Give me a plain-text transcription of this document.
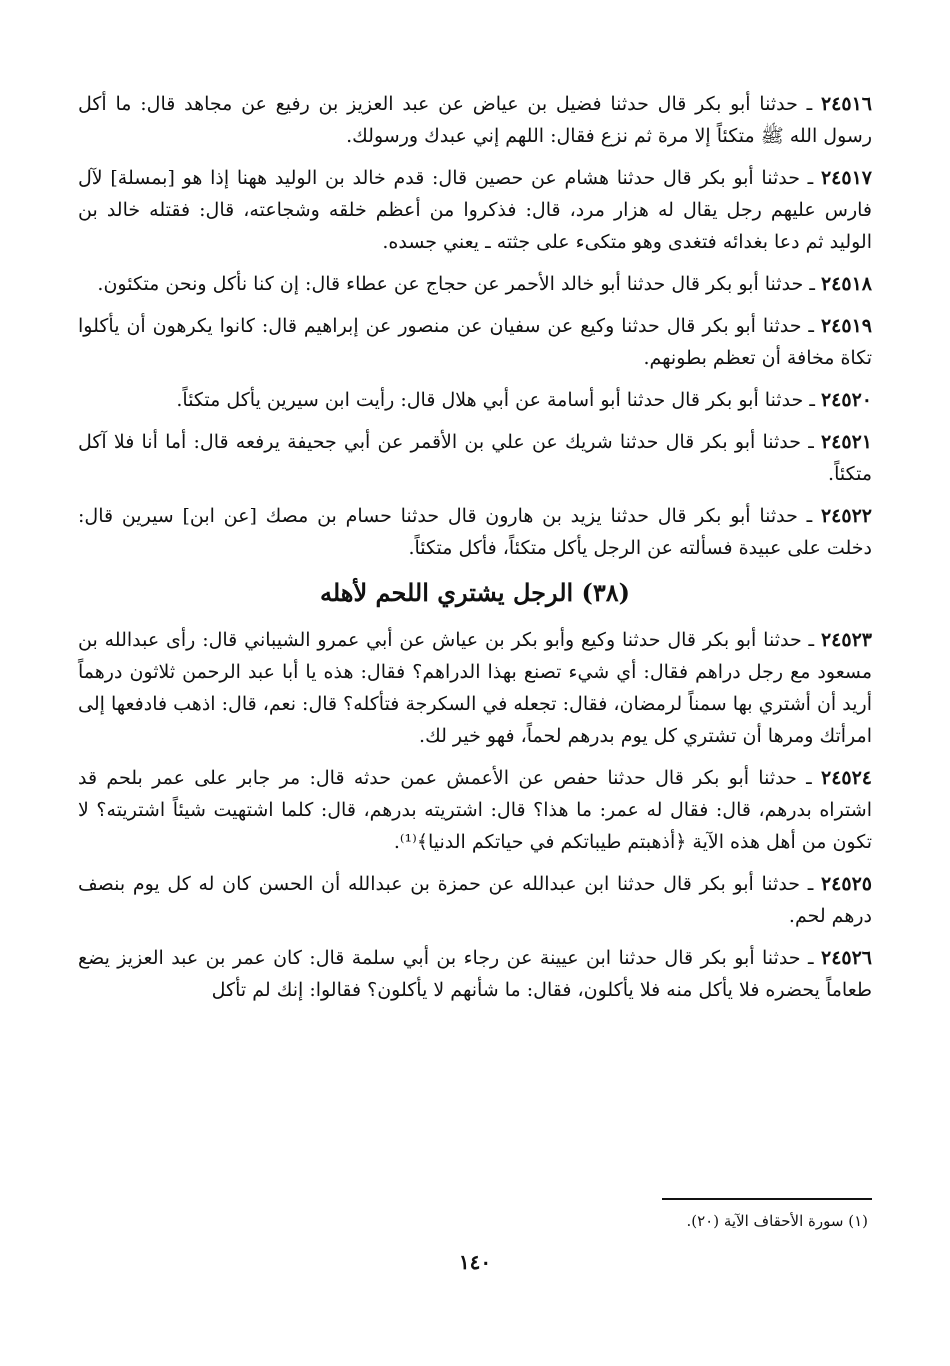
٢٤٥١٦ ـ حدثنا أبو بكر قال حدثنا فضيل بن عياض عن عبد العزيز بن رفيع عن مجاهد قال: ما أكل رسول الله ﷺ متكئاً إلا مرة ثم نزع فقال: اللهم إني عبدك ورسولك.

٢٤٥١٧ ـ حدثنا أبو بكر قال حدثنا هشام عن حصين قال: قدم خالد بن الوليد ههنا إذا هو [بمسلة] لآل فارس عليهم رجل يقال له هزار مرد، قال: فذكروا من أعظم خلقه وشجاعته، قال: فقتله خالد بن الوليد ثم دعا بغدائه فتغدى وهو متكىء على جثته ـ يعني جسده.

٢٤٥١٨ ـ حدثنا أبو بكر قال حدثنا أبو خالد الأحمر عن حجاج عن عطاء قال: إن كنا نأكل ونحن متكئون.

٢٤٥١٩ ـ حدثنا أبو بكر قال حدثنا وكيع عن سفيان عن منصور عن إبراهيم قال: كانوا يكرهون أن يأكلوا تكاة مخافة أن تعظم بطونهم.

٢٤٥٢٠ ـ حدثنا أبو بكر قال حدثنا أبو أسامة عن أبي هلال قال: رأيت ابن سيرين يأكل متكئاً.

٢٤٥٢١ ـ حدثنا أبو بكر قال حدثنا شريك عن علي بن الأقمر عن أبي جحيفة يرفعه قال: أما أنا فلا آكل متكئاً.

٢٤٥٢٢ ـ حدثنا أبو بكر قال حدثنا يزيد بن هارون قال حدثنا حسام بن مصك [عن ابن] سيرين قال: دخلت على عبيدة فسألته عن الرجل يأكل متكئاً، فأكل متكئاً.

(٣٨) الرجل يشتري اللحم لأهله

٢٤٥٢٣ ـ حدثنا أبو بكر قال حدثنا وكيع وأبو بكر بن عياش عن أبي عمرو الشيباني قال: رأى عبدالله بن مسعود مع رجل دراهم فقال: أي شيء تصنع بهذا الدراهم؟ فقال: هذه يا أبا عبد الرحمن ثلاثون درهماً أريد أن أشتري بها سمناً لرمضان، فقال: تجعله في السكرجة فتأكله؟ قال: نعم، قال: اذهب فادفعها إلى امرأتك ومرها أن تشتري كل يوم بدرهم لحماً، فهو خير لك.

٢٤٥٢٤ ـ حدثنا أبو بكر قال حدثنا حفص عن الأعمش عمن حدثه قال: مر جابر على عمر بلحم قد اشتراه بدرهم، قال: فقال له عمر: ما هذا؟ قال: اشتريته بدرهم، قال: كلما اشتهيت شيئاً اشتريته؟ لا تكون من أهل هذه الآية ﴿أذهبتم طيباتكم في حياتكم الدنيا﴾⁽¹⁾.

٢٤٥٢٥ ـ حدثنا أبو بكر قال حدثنا ابن عبدالله عن حمزة بن عبدالله أن الحسن كان له كل يوم بنصف درهم لحم.

٢٤٥٢٦ ـ حدثنا أبو بكر قال حدثنا ابن عيينة عن رجاء بن أبي سلمة قال: كان عمر بن عبد العزيز يضع طعاماً يحضره فلا يأكل منه فلا يأكلون، فقال: ما شأنهم لا يأكلون؟ فقالوا: إنك لم تأكل

(١) سورة الأحقاف الآية (٢٠).
١٤٠
